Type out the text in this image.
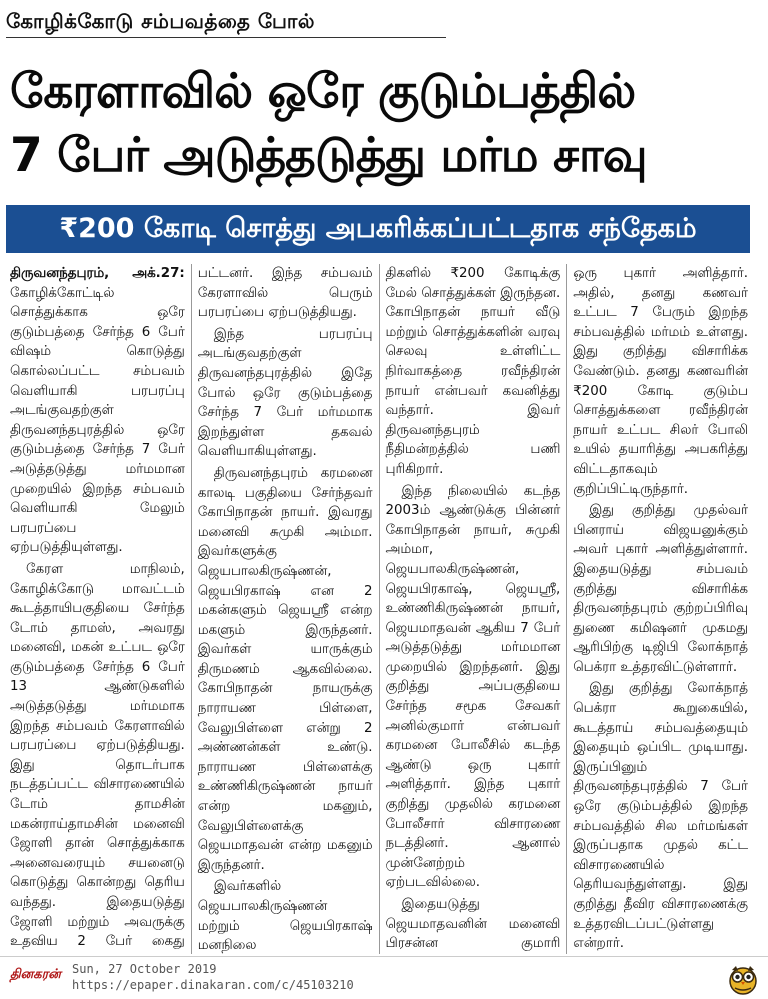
கோழிக்கோடு சம்பவத்தை போல்
கேரளாவில் ஒரே குடும்பத்தில்
7 பேர் அடுத்தடுத்து மர்ம சாவு
₹200 கோடி சொத்து அபகரிக்கப்பட்டதாக சந்தேகம்

திருவனந்தபுரம், அக்.27: கோழிக்கோட்டில் சொத்துக்காக ஒரே குடும்பத்தை சேர்ந்த 6 பேர் விஷம் கொடுத்து கொல்லப்பட்ட சம்பவம் வெளியாகி பரபரப்பு அடங்குவதற்குள் திருவனந்தபுரத்தில் ஒரே குடும்பத்தை சேர்ந்த 7 பேர் அடுத்தடுத்து மர்மமான முறையில் இறந்த சம்பவம் வெளியாகி மேலும் பரபரப்பை ஏற்படுத்தியுள்ளது.

கேரள மாநிலம், கோழிக்கோடு மாவட்டம் கூடத்தாயிபகுதியை சேர்ந்த டோம் தாமஸ், அவரது மனைவி, மகன் உட்பட ஒரே குடும்பத்தை சேர்ந்த 6 பேர் 13 ஆண்டுகளில் அடுத்தடுத்து மர்மமாக இறந்த சம்பவம் கேரளாவில் பரபரப்பை ஏற்படுத்தியது. இது தொடர்பாக நடத்தப்பட்ட விசாரணையில் டோம் தாமசின் மகன்ராய்தாமசின் மனைவி ஜோளி தான் சொத்துக்காக அனைவரையும் சயனைடு கொடுத்து கொன்றது தெரிய வந்தது. இதையடுத்து ஜோளி மற்றும் அவருக்கு உதவிய 2 பேர் கைது

பட்டனர். இந்த சம்பவம் கேரளாவில் பெரும் பரபரப்பை ஏற்படுத்தியது.

இந்த பரபரப்பு அடங்குவதற்குள் திருவனந்தபுரத்தில் இதே போல் ஒரே குடும்பத்தை சேர்ந்த 7 பேர் மர்மமாக இறந்துள்ள தகவல் வெளியாகியுள்ளது.

திருவனந்தபுரம் கரமனை காலடி பகுதியை சேர்ந்தவர் கோபிநாதன் நாயர். இவரது மனைவி சுமுகி அம்மா. இவர்களுக்கு ஜெயபாலகிருஷ்ணன், ஜெயபிரகாஷ் என 2 மகன்களும் ஜெயஸ்ரீ என்ற மகளும் இருந்தனர். இவர்கள் யாருக்கும் திருமணம் ஆகவில்லை. கோபிநாதன் நாயருக்கு நாராயண பிள்ளை, வேலுபிள்ளை என்று 2 அண்ணன்கள் உண்டு. நாராயண பிள்ளைக்கு உண்ணிகிருஷ்ணன் நாயர் என்ற மகனும், வேலுபிள்ளைக்கு ஜெயமாதவன் என்ற மகனும் இருந்தனர்.

இவர்களில் ஜெயபாலகிருஷ்ணன் மற்றும் ஜெயபிரகாஷ் மனநிலை

திகளில் ₹200 கோடிக்கு மேல் சொத்துக்கள் இருந்தன. கோபிநாதன் நாயர் வீடு மற்றும் சொத்துக்களின் வரவு செலவு உள்ளிட்ட நிர்வாகத்தை ரவீந்திரன் நாயர் என்பவர் கவனித்து வந்தார். இவர் திருவனந்தபுரம் நீதிமன்றத்தில் பணி புரிகிறார்.

இந்த நிலையில் கடந்த 2003ம் ஆண்டுக்கு பின்னர் கோபிநாதன் நாயர், சுமுகி அம்மா, ஜெயபாலகிருஷ்ணன், ஜெயபிரகாஷ், ஜெயஸ்ரீ, உண்ணிகிருஷ்ணன் நாயர், ஜெயமாதவன் ஆகிய 7 பேர் அடுத்தடுத்து மர்மமான முறையில் இறந்தனர். இது குறித்து அப்பகுதியை சேர்ந்த சமூக சேவகர் அனில்குமார் என்பவர் கரமனை போலீசில் கடந்த ஆண்டு ஒரு புகார் அளித்தார். இந்த புகார் குறித்து முதலில் கரமனை போலீசார் விசாரணை நடத்தினர். ஆனால் முன்னேற்றம் ஏற்படவில்லை.

இதையடுத்து ஜெயமாதவனின் மனைவி பிரசன்ன குமாரி

ஒரு புகார் அளித்தார். அதில், தனது கணவர் உட்பட 7 பேரும் இறந்த சம்பவத்தில் மர்மம் உள்ளது. இது குறித்து விசாரிக்க வேண்டும். தனது கணவரின் ₹200 கோடி குடும்ப சொத்துக்களை ரவீந்திரன் நாயர் உட்பட சிலர் போலி உயில் தயாரித்து அபகரித்து விட்டதாகவும் குறிப்பிட்டிருந்தார்.

இது குறித்து முதல்வர் பினராய் விஜயனுக்கும் அவர் புகார் அளித்துள்ளார். இதையடுத்து சம்பவம் குறித்து விசாரிக்க திருவனந்தபுரம் குற்றப்பிரிவு துணை கமிஷனர் முகமது ஆரிபிற்கு டிஜிபி லோக்நாத் பெக்ரா உத்தரவிட்டுள்ளார்.

இது குறித்து லோக்நாத் பெக்ரா கூறுகையில், கூடத்தாய் சம்பவத்தையும் இதையும் ஒப்பிட முடியாது. இருப்பினும் திருவனந்தபுரத்தில் 7 பேர் ஒரே குடும்பத்தில் இறந்த சம்பவத்தில் சில மர்மங்கள் இருப்பதாக முதல் கட்ட விசாரணையில் தெரியவந்துள்ளது. இது குறித்து தீவிர விசாரணைக்கு உத்தரவிடப்பட்டுள்ளது என்றார்.

தினகரன் Sun, 27 October 2019
https://epaper.dinakaran.com/c/45103210
